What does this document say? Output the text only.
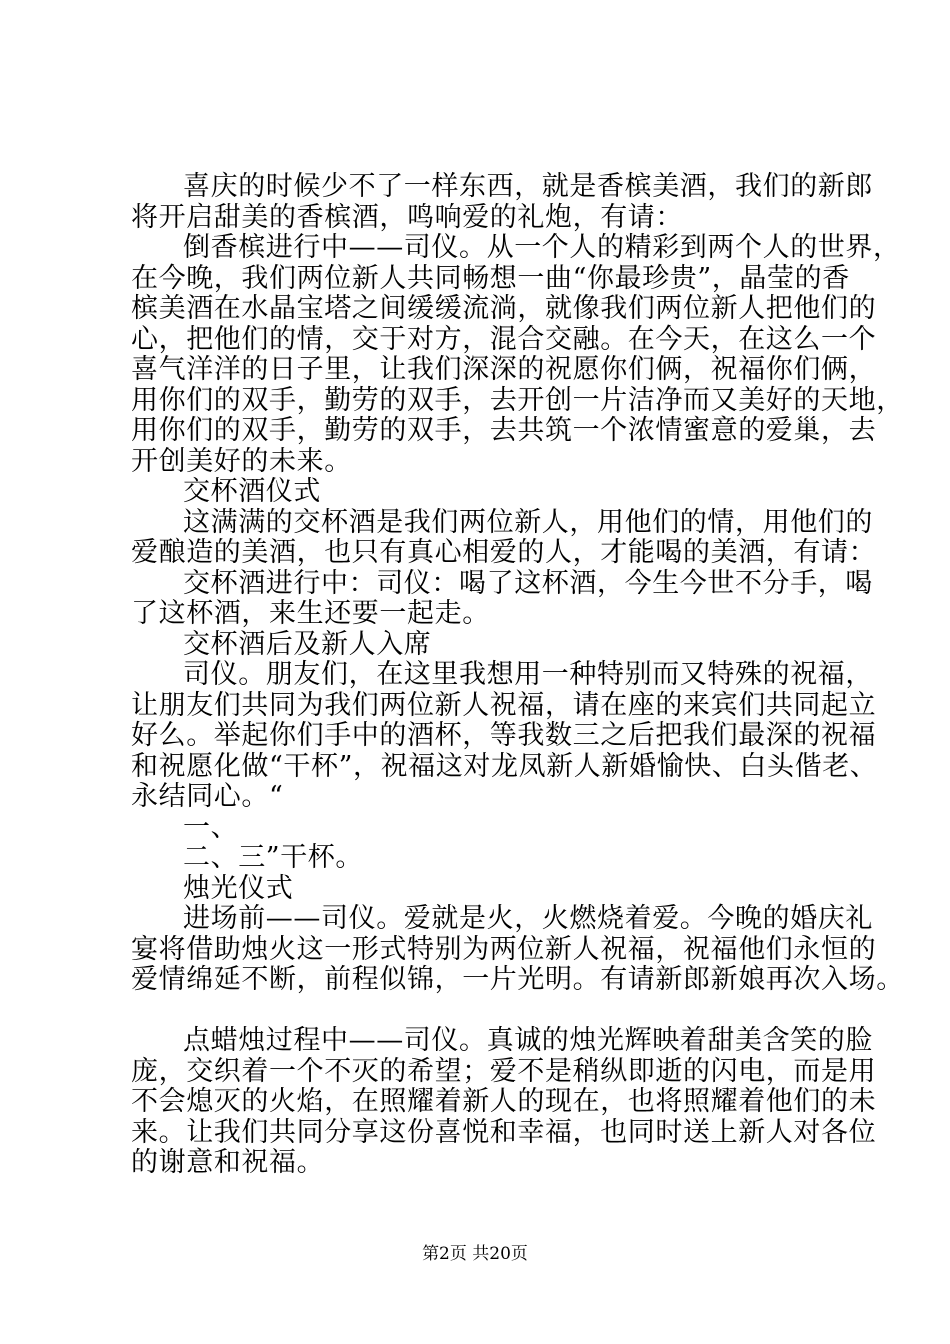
喜庆的时候少不了一样东西，就是香槟美酒，我们的新郎
将开启甜美的香槟酒，鸣响爱的礼炮，有请：
倒香槟进行中——司仪。从一个人的精彩到两个人的世界，
在今晚，我们两位新人共同畅想一曲“你最珍贵”，晶莹的香
槟美酒在水晶宝塔之间缓缓流淌，就像我们两位新人把他们的
心，把他们的情，交于对方，混合交融。在今天，在这么一个
喜气洋洋的日子里，让我们深深的祝愿你们俩，祝福你们俩，
用你们的双手，勤劳的双手，去开创一片洁净而又美好的天地，
用你们的双手，勤劳的双手，去共筑一个浓情蜜意的爱巢，去
开创美好的未来。
交杯酒仪式
这满满的交杯酒是我们两位新人，用他们的情，用他们的
爱酿造的美酒，也只有真心相爱的人，才能喝的美酒，有请：
交杯酒进行中：司仪：喝了这杯酒，今生今世不分手，喝
了这杯酒，来生还要一起走。
交杯酒后及新人入席
司仪。朋友们，在这里我想用一种特别而又特殊的祝福，
让朋友们共同为我们两位新人祝福，请在座的来宾们共同起立
好么。举起你们手中的酒杯，等我数三之后把我们最深的祝福
和祝愿化做“干杯”，祝福这对龙凤新人新婚愉快、白头偕老、
永结同心。“
一、
二、三”干杯。
烛光仪式
进场前——司仪。爱就是火，火燃烧着爱。今晚的婚庆礼
宴将借助烛火这一形式特别为两位新人祝福，祝福他们永恒的
爱情绵延不断，前程似锦，一片光明。有请新郎新娘再次入场。
点蜡烛过程中——司仪。真诚的烛光辉映着甜美含笑的脸
庞，交织着一个不灭的希望；爱不是稍纵即逝的闪电，而是用
不会熄灭的火焰，在照耀着新人的现在，也将照耀着他们的未
来。让我们共同分享这份喜悦和幸福，也同时送上新人对各位
的谢意和祝福。
第2页 共20页
